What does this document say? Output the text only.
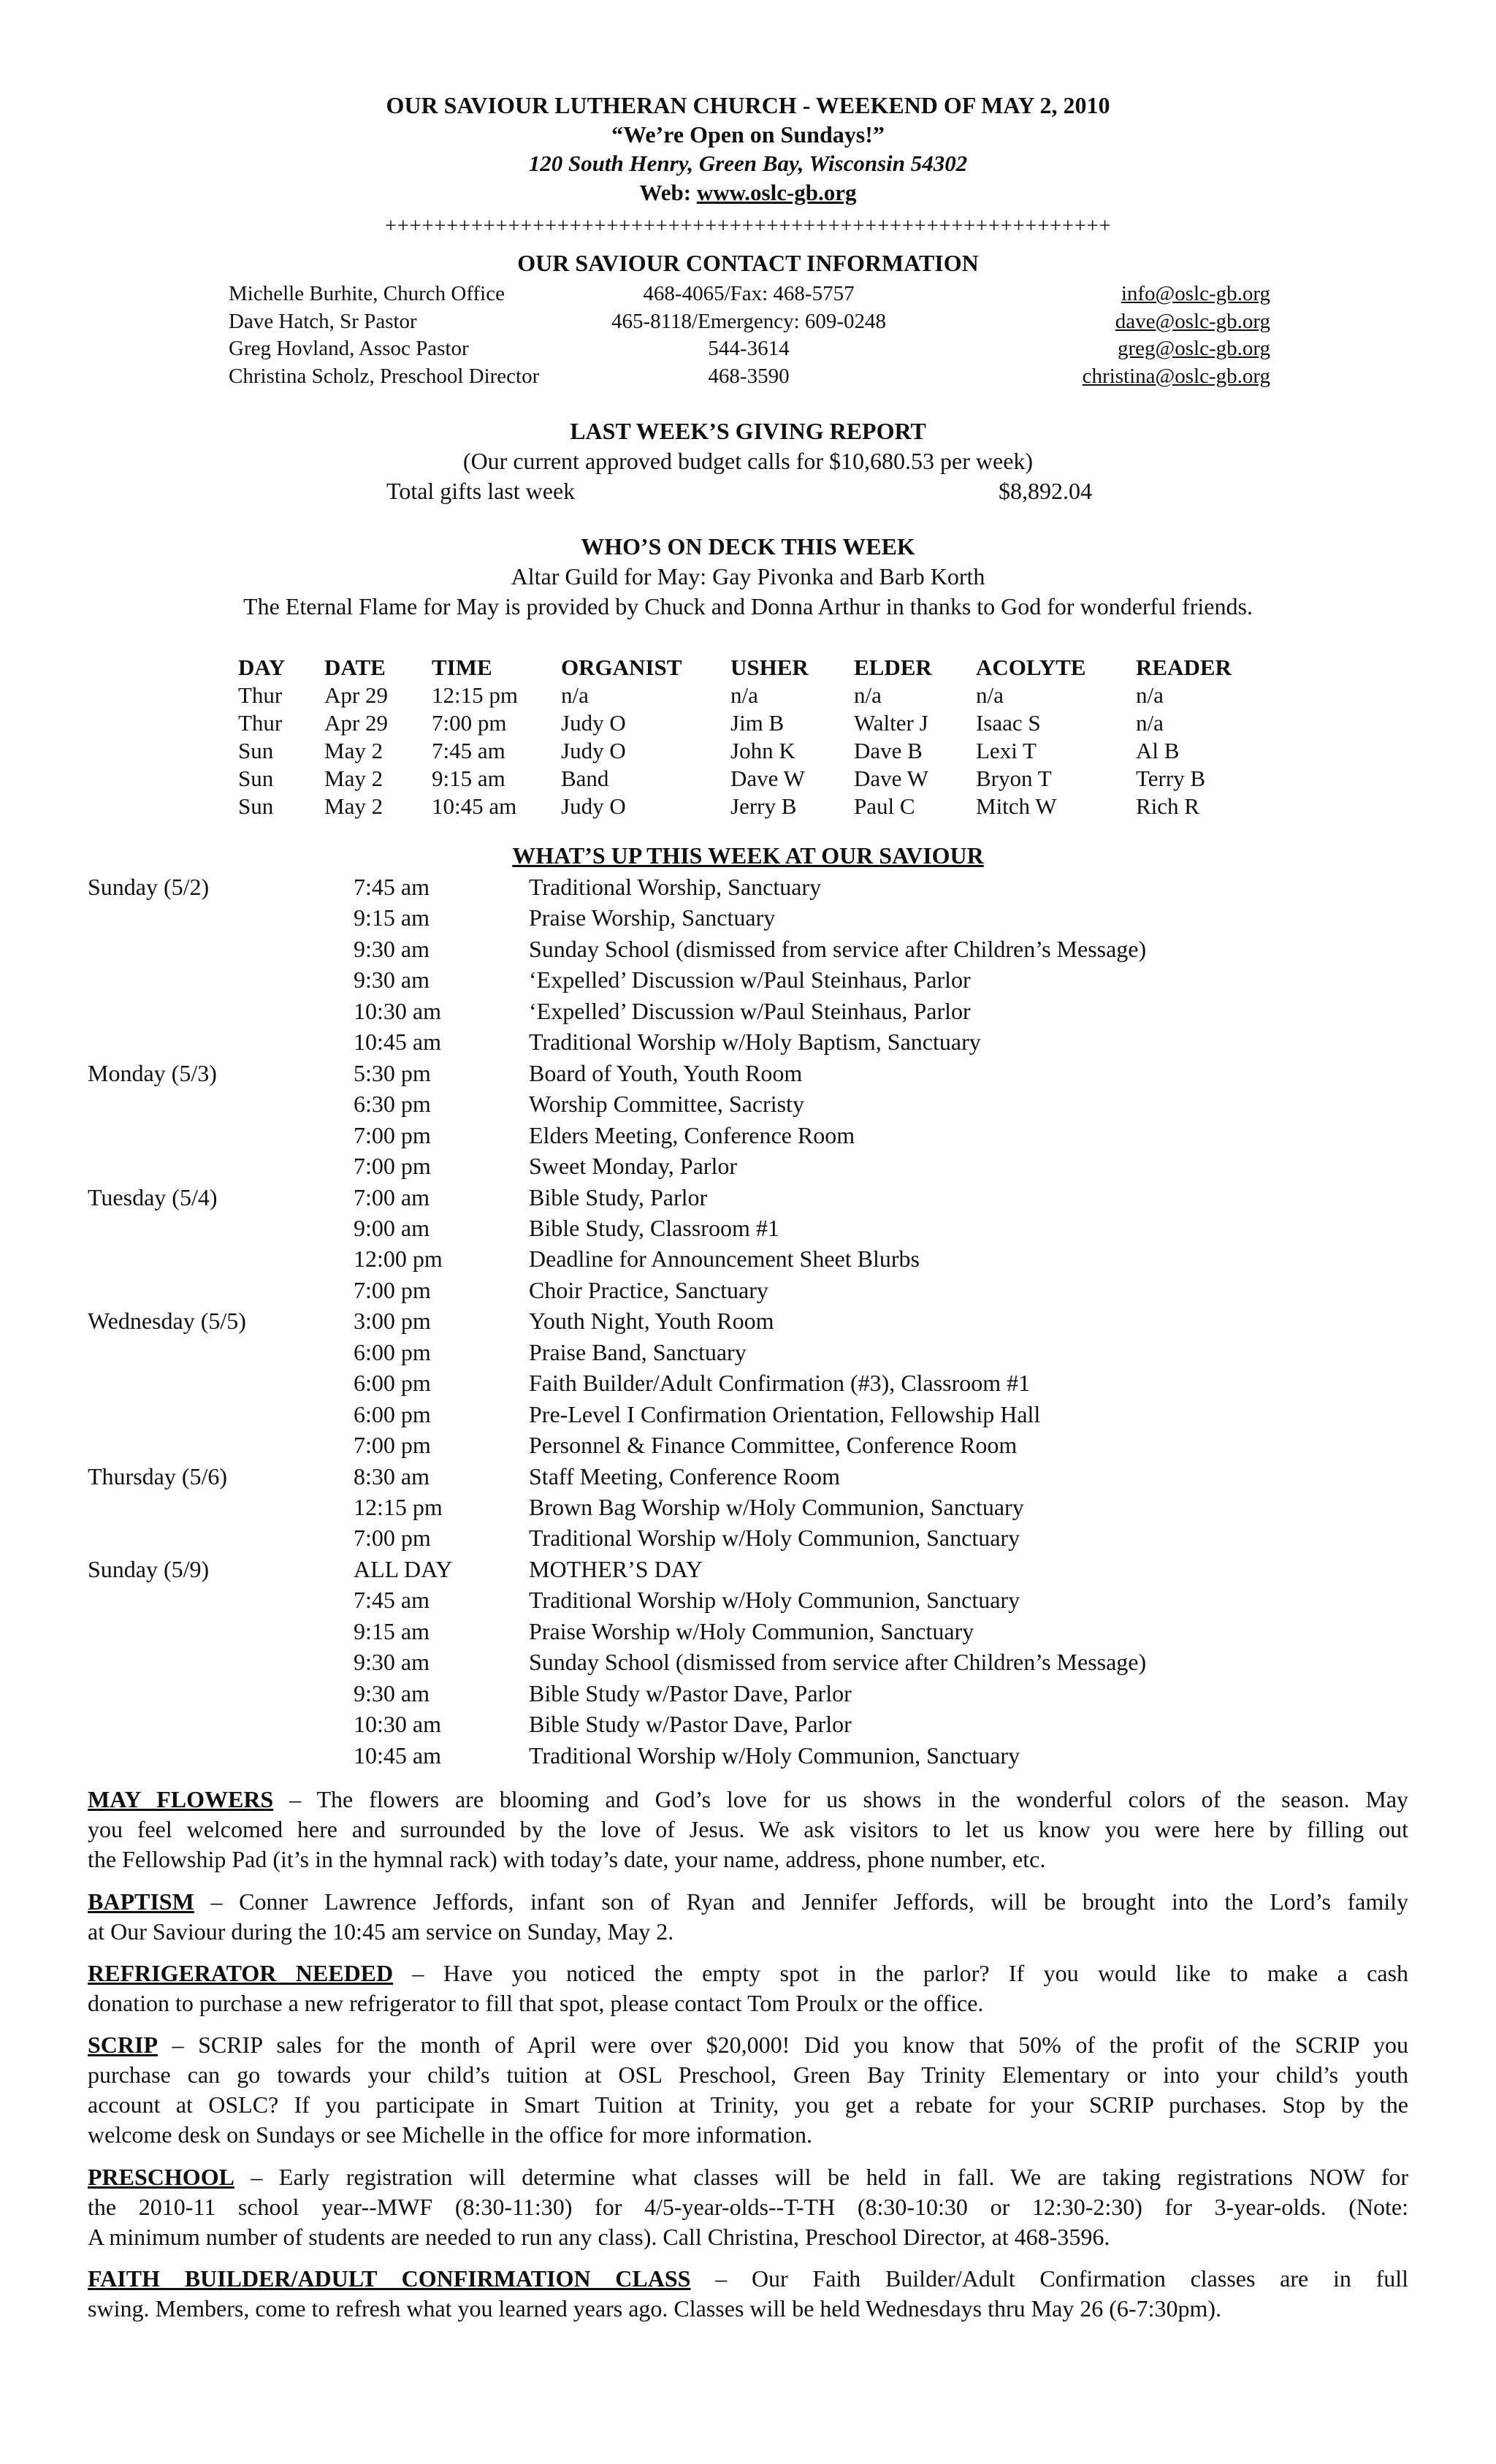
OUR SAVIOUR LUTHERAN CHURCH - WEEKEND OF MAY 2, 2010
“We’re Open on Sundays!”
120 South Henry, Green Bay, Wisconsin 54302
Web: www.oslc-gb.org
+++++++++++++++++++++++++++++++++++++++++++++++++++++++++++
OUR SAVIOUR CONTACT INFORMATION
Michelle Burhite, Church Office	468-4065/Fax: 468-5757	info@oslc-gb.org
Dave Hatch, Sr Pastor	465-8118/Emergency: 609-0248	dave@oslc-gb.org
Greg Hovland, Assoc Pastor	544-3614	greg@oslc-gb.org
Christina Scholz, Preschool Director	468-3590	christina@oslc-gb.org
LAST WEEK’S GIVING REPORT
(Our current approved budget calls for $10,680.53 per week)
Total gifts last week	$8,892.04
WHO’S ON DECK THIS WEEK
Altar Guild for May: Gay Pivonka and Barb Korth
The Eternal Flame for May is provided by Chuck and Donna Arthur in thanks to God for wonderful friends.
DAY	DATE	TIME	ORGANIST	USHER	ELDER	ACOLYTE	READER
Thur	Apr 29	12:15 pm	n/a	n/a	n/a	n/a	n/a
Thur	Apr 29	7:00 pm	Judy O	Jim B	Walter J	Isaac S	n/a
Sun	May 2	7:45 am	Judy O	John K	Dave B	Lexi T	Al B
Sun	May 2	9:15 am	Band	Dave W	Dave W	Bryon T	Terry B
Sun	May 2	10:45 am	Judy O	Jerry B	Paul C	Mitch W	Rich R
WHAT’S UP THIS WEEK AT OUR SAVIOUR
Sunday (5/2)	7:45 am	Traditional Worship, Sanctuary
9:15 am	Praise Worship, Sanctuary
9:30 am	Sunday School (dismissed from service after Children’s Message)
9:30 am	‘Expelled’ Discussion w/Paul Steinhaus, Parlor
10:30 am	‘Expelled’ Discussion w/Paul Steinhaus, Parlor
10:45 am	Traditional Worship w/Holy Baptism, Sanctuary
Monday (5/3)	5:30 pm	Board of Youth, Youth Room
6:30 pm	Worship Committee, Sacristy
7:00 pm	Elders Meeting, Conference Room
7:00 pm	Sweet Monday, Parlor
Tuesday (5/4)	7:00 am	Bible Study, Parlor
9:00 am	Bible Study, Classroom #1
12:00 pm	Deadline for Announcement Sheet Blurbs
7:00 pm	Choir Practice, Sanctuary
Wednesday (5/5)	3:00 pm	Youth Night, Youth Room
6:00 pm	Praise Band, Sanctuary
6:00 pm	Faith Builder/Adult Confirmation (#3), Classroom #1
6:00 pm	Pre-Level I Confirmation Orientation, Fellowship Hall
7:00 pm	Personnel & Finance Committee, Conference Room
Thursday (5/6)	8:30 am	Staff Meeting, Conference Room
12:15 pm	Brown Bag Worship w/Holy Communion, Sanctuary
7:00 pm	Traditional Worship w/Holy Communion, Sanctuary
Sunday (5/9)	ALL DAY	MOTHER’S DAY
7:45 am	Traditional Worship w/Holy Communion, Sanctuary
9:15 am	Praise Worship w/Holy Communion, Sanctuary
9:30 am	Sunday School (dismissed from service after Children’s Message)
9:30 am	Bible Study w/Pastor Dave, Parlor
10:30 am	Bible Study w/Pastor Dave, Parlor
10:45 am	Traditional Worship w/Holy Communion, Sanctuary
MAY FLOWERS – The flowers are blooming and God’s love for us shows in the wonderful colors of the season. May
you feel welcomed here and surrounded by the love of Jesus. We ask visitors to let us know you were here by filling out
the Fellowship Pad (it’s in the hymnal rack) with today’s date, your name, address, phone number, etc.
BAPTISM – Conner Lawrence Jeffords, infant son of Ryan and Jennifer Jeffords, will be brought into the Lord’s family
at Our Saviour during the 10:45 am service on Sunday, May 2.
REFRIGERATOR NEEDED – Have you noticed the empty spot in the parlor? If you would like to make a cash
donation to purchase a new refrigerator to fill that spot, please contact Tom Proulx or the office.
SCRIP – SCRIP sales for the month of April were over $20,000! Did you know that 50% of the profit of the SCRIP you
purchase can go towards your child’s tuition at OSL Preschool, Green Bay Trinity Elementary or into your child’s youth
account at OSLC? If you participate in Smart Tuition at Trinity, you get a rebate for your SCRIP purchases. Stop by the
welcome desk on Sundays or see Michelle in the office for more information.
PRESCHOOL – Early registration will determine what classes will be held in fall. We are taking registrations NOW for
the 2010-11 school year--MWF (8:30-11:30) for 4/5-year-olds--T-TH (8:30-10:30 or 12:30-2:30) for 3-year-olds. (Note:
A minimum number of students are needed to run any class). Call Christina, Preschool Director, at 468-3596.
FAITH BUILDER/ADULT CONFIRMATION CLASS – Our Faith Builder/Adult Confirmation classes are in full
swing. Members, come to refresh what you learned years ago. Classes will be held Wednesdays thru May 26 (6-7:30pm).
